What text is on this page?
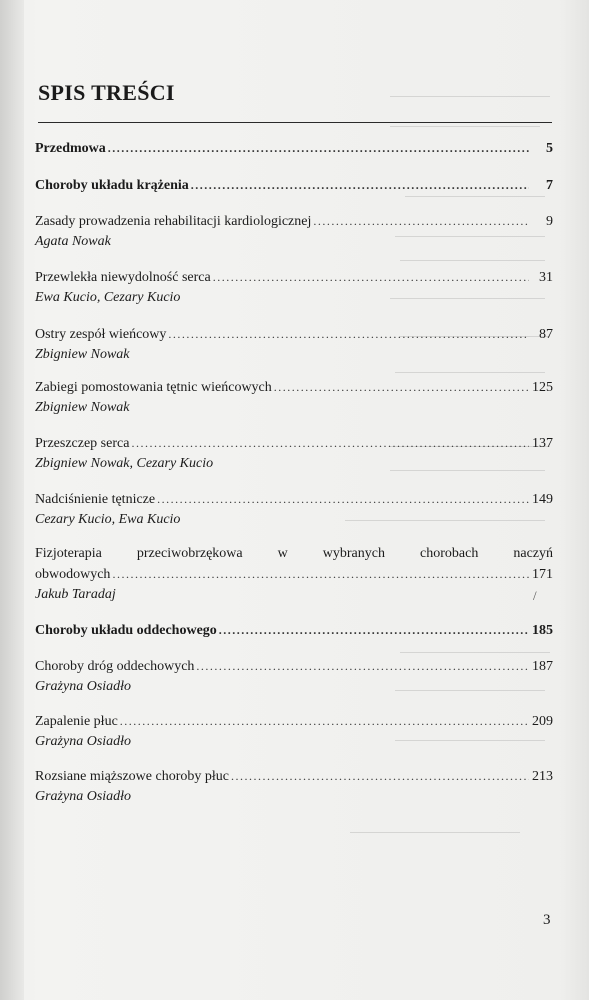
SPIS TREŚCI
Przedmowa .....	5
Choroby układu krążenia .....	7
Zasady prowadzenia rehabilitacji kardiologicznej .....	9
Agata Nowak
Przewlekła niewydolność serca .....	31
Ewa Kucio, Cezary Kucio
Ostry zespół wieńcowy .....	87
Zbigniew Nowak
Zabiegi pomostowania tętnic wieńcowych .....	125
Zbigniew Nowak
Przeszczep serca .....	137
Zbigniew Nowak, Cezary Kucio
Nadciśnienie tętnicze .....	149
Cezary Kucio, Ewa Kucio
Fizjoterapia przeciwobrzękowa w wybranych chorobach naczyń
obwodowych .....	171
Jakub Taradaj	/
Choroby układu oddechowego .....	185
Choroby dróg oddechowych .....	187
Grażyna Osiadło
Zapalenie płuc .....	209
Grażyna Osiadło
Rozsiane miąższowe choroby płuc .....	213
Grażyna Osiadło
3
